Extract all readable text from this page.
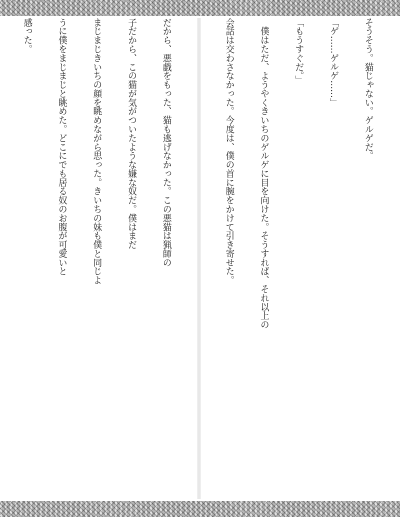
だから、悪戯をもった、猫も逃げなかった。この悪猫は猟師の

子だから、この猫が気がついたような嫌な奴だ。僕はまだ

まじまじきいちの顔を眺めながら思った。きいちの妹も僕と同じよ

うに僕をまじまじと眺めた。どこにでも居る奴のお腹が可愛いと

感った。

	そうそう。猫じゃない。ゲルゲだ。

「ゲ……ゲルゲ……」

「もうすぐだ。」

　僕はただ、ようやくきいちのゲルゲに目を向けた。そうすれば、それ以上の

会話は交わさなかった。今度は、僕の首に腕をかけて引き寄せた。
